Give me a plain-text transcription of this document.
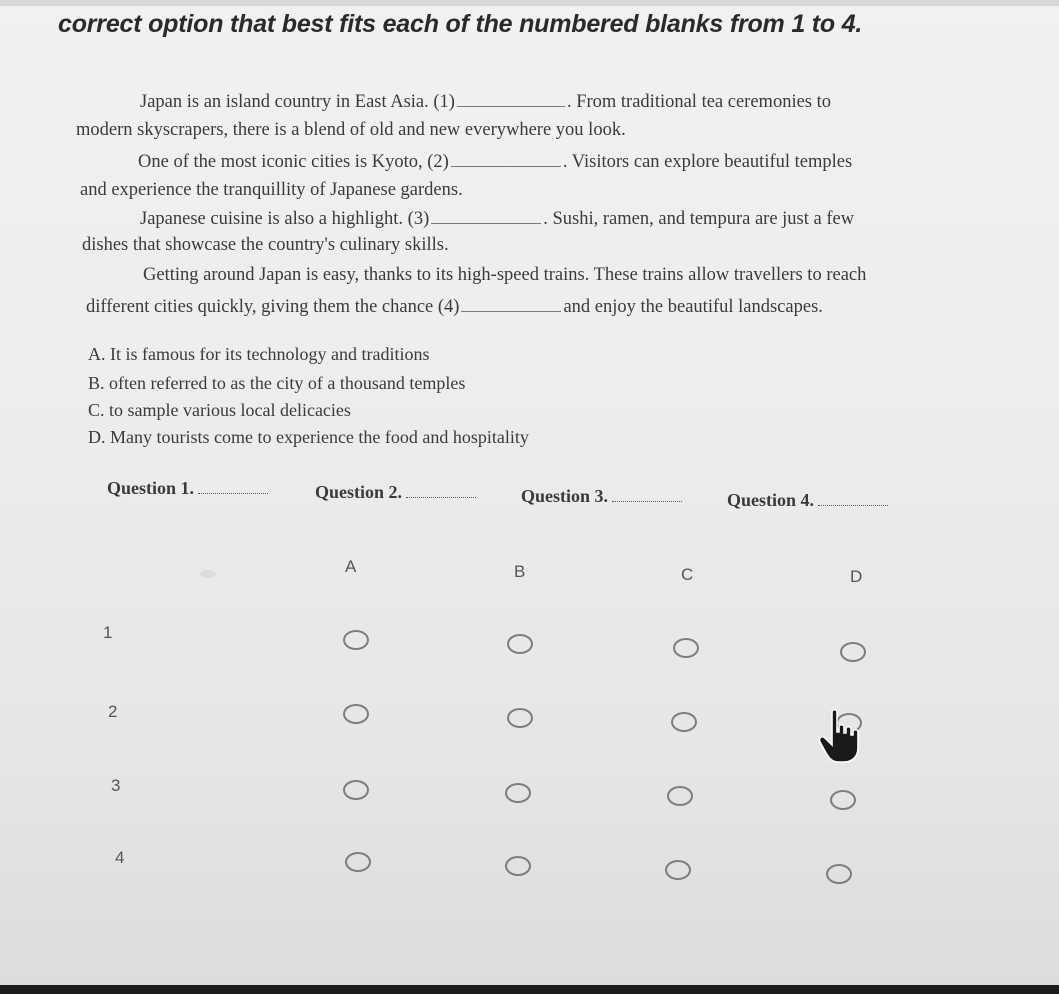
correct option that best fits each of the numbered blanks from 1 to 4.
Japan is an island country in East Asia. (1)	. From traditional tea ceremonies to
modern skyscrapers, there is a blend of old and new everywhere you look.
One of the most iconic cities is Kyoto, (2)	. Visitors can explore beautiful temples
and experience the tranquillity of Japanese gardens.
Japanese cuisine is also a highlight. (3)	. Sushi, ramen, and tempura are just a few
dishes that showcase the country's culinary skills.
Getting around Japan is easy, thanks to its high-speed trains. These trains allow travellers to reach
different cities quickly, giving them the chance (4)	and enjoy the beautiful landscapes.
A. It is famous for its technology and traditions
B. often referred to as the city of a thousand temples
C. to sample various local delicacies
D. Many tourists come to experience the food and hospitality
Question 1.	Question 2.	Question 3.	Question 4.
A	B	C	D
1
2
3
4
